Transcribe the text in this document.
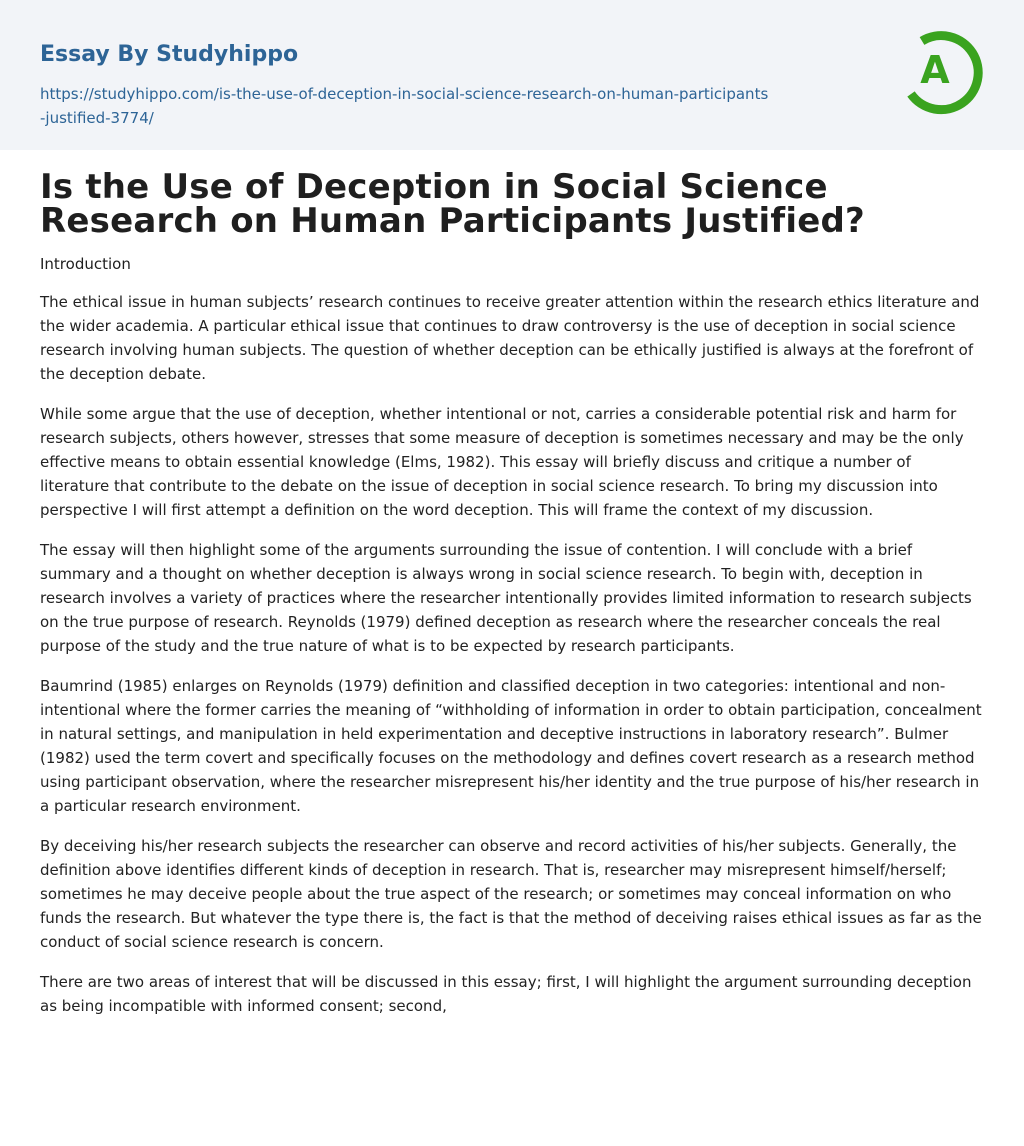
Essay By Studyhippo
https://studyhippo.com/is-the-use-of-deception-in-social-science-research-on-human-participants-justified-3774/
A
Is the Use of Deception in Social Science Research on Human Participants Justified?

Introduction

The ethical issue in human subjects’ research continues to receive greater attention within the research ethics literature and the wider academia. A particular ethical issue that continues to draw controversy is the use of deception in social science research involving human subjects. The question of whether deception can be ethically justified is always at the forefront of the deception debate.

While some argue that the use of deception, whether intentional or not, carries a considerable potential risk and harm for research subjects, others however, stresses that some measure of deception is sometimes necessary and may be the only effective means to obtain essential knowledge (Elms, 1982). This essay will briefly discuss and critique a number of literature that contribute to the debate on the issue of deception in social science research. To bring my discussion into perspective I will first attempt a definition on the word deception. This will frame the context of my discussion.

The essay will then highlight some of the arguments surrounding the issue of contention. I will conclude with a brief summary and a thought on whether deception is always wrong in social science research. To begin with, deception in research involves a variety of practices where the researcher intentionally provides limited information to research subjects on the true purpose of research. Reynolds (1979) defined deception as research where the researcher conceals the real purpose of the study and the true nature of what is to be expected by research participants.

Baumrind (1985) enlarges on Reynolds (1979) definition and classified deception in two categories: intentional and non-intentional where the former carries the meaning of “withholding of information in order to obtain participation, concealment in natural settings, and manipulation in held experimentation and deceptive instructions in laboratory research”. Bulmer (1982) used the term covert and specifically focuses on the methodology and defines covert research as a research method using participant observation, where the researcher misrepresent his/her identity and the true purpose of his/her research in a particular research environment.

By deceiving his/her research subjects the researcher can observe and record activities of his/her subjects. Generally, the definition above identifies different kinds of deception in research. That is, researcher may misrepresent himself/herself; sometimes he may deceive people about the true aspect of the research; or sometimes may conceal information on who funds the research. But whatever the type there is, the fact is that the method of deceiving raises ethical issues as far as the conduct of social science research is concern.

There are two areas of interest that will be discussed in this essay; first, I will highlight the argument surrounding deception as being incompatible with informed consent; second,
